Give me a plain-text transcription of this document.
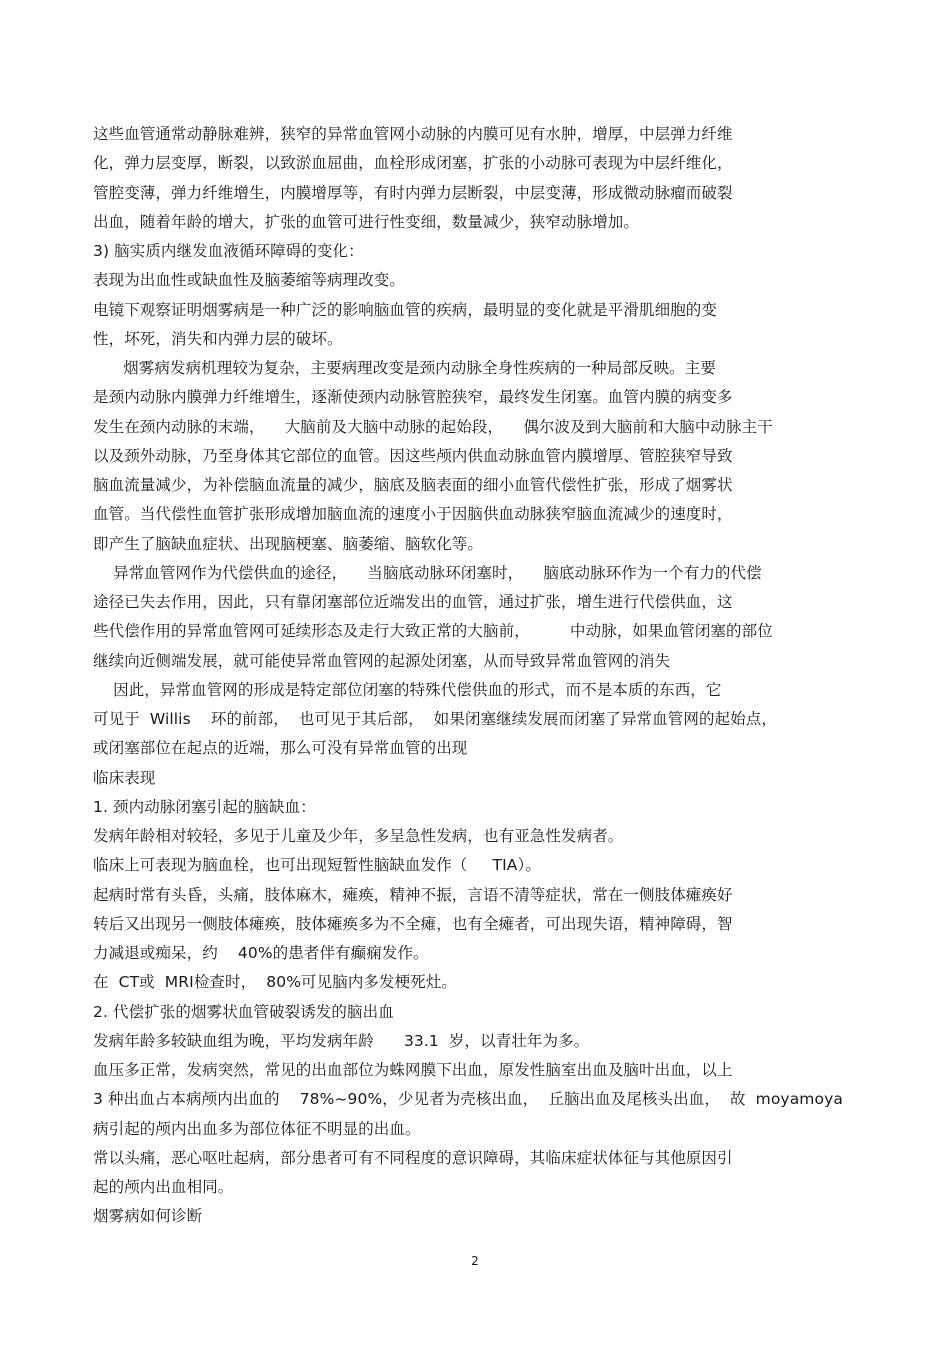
这些血管通常动静脉难辨，狭窄的异常血管网小动脉的内膜可见有水肿，增厚，中层弹力纤维
化，弹力层变厚，断裂，以致淤血屈曲，血栓形成闭塞，扩张的小动脉可表现为中层纤维化，
管腔变薄，弹力纤维增生，内膜增厚等，有时内弹力层断裂，中层变薄，形成微动脉瘤而破裂
出血，随着年龄的增大，扩张的血管可进行性变细，数量减少，狭窄动脉增加。
3) 脑实质内继发血液循环障碍的变化：
表现为出血性或缺血性及脑萎缩等病理改变。
电镜下观察证明烟雾病是一种广泛的影响脑血管的疾病，最明显的变化就是平滑肌细胞的变
性，坏死，消失和内弹力层的破坏。
烟雾病发病机理较为复杂，主要病理改变是颈内动脉全身性疾病的一种局部反映。主要
是颈内动脉内膜弹力纤维增生，逐渐使颈内动脉管腔狭窄，最终发生闭塞。血管内膜的病变多
发生在颈内动脉的末端，    大脑前及大脑中动脉的起始段，    偶尔波及到大脑前和大脑中动脉主干
以及颈外动脉，乃至身体其它部位的血管。因这些颅内供血动脉血管内膜增厚、管腔狭窄导致
脑血流量减少，为补偿脑血流量的减少，脑底及脑表面的细小血管代偿性扩张，形成了烟雾状
血管。当代偿性血管扩张形成增加脑血流的速度小于因脑供血动脉狭窄脑血流减少的速度时，
即产生了脑缺血症状、出现脑梗塞、脑萎缩、脑软化等。
异常血管网作为代偿供血的途径，    当脑底动脉环闭塞时，    脑底动脉环作为一个有力的代偿
途径已失去作用，因此，只有靠闭塞部位近端发出的血管，通过扩张，增生进行代偿供血，这
些代偿作用的异常血管网可延续形态及走行大致正常的大脑前，        中动脉，如果血管闭塞的部位
继续向近侧端发展，就可能使异常血管网的起源处闭塞，从而导致异常血管网的消失
因此，异常血管网的形成是特定部位闭塞的特殊代偿供血的形式，而不是本质的东西，它
可见于  Willis    环的前部，  也可见于其后部，  如果闭塞继续发展而闭塞了异常血管网的起始点，
或闭塞部位在起点的近端，那么可没有异常血管的出现
临床表现
1. 颈内动脉闭塞引起的脑缺血：
发病年龄相对较轻，多见于儿童及少年，多呈急性发病，也有亚急性发病者。
临床上可表现为脑血栓，也可出现短暂性脑缺血发作（     TIA）。
起病时常有头昏，头痛，肢体麻木，瘫痪，精神不振，言语不清等症状，常在一侧肢体瘫痪好
转后又出现另一侧肢体瘫痪，肢体瘫痪多为不全瘫，也有全瘫者，可出现失语，精神障碍，智
力减退或痴呆，约    40%的患者伴有癫痫发作。
在  CT或  MRI检查时，  80%可见脑内多发梗死灶。
2. 代偿扩张的烟雾状血管破裂诱发的脑出血
发病年龄多较缺血组为晚，平均发病年龄      33.1  岁，以青壮年为多。
血压多正常，发病突然，常见的出血部位为蛛网膜下出血，原发性脑室出血及脑叶出血，以上
3 种出血占本病颅内出血的    78%~90%，少见者为壳核出血，  丘脑出血及尾核头出血，  故  moyamoya
病引起的颅内出血多为部位体征不明显的出血。
常以头痛，恶心呕吐起病，部分患者可有不同程度的意识障碍，其临床症状体征与其他原因引
起的颅内出血相同。
烟雾病如何诊断
2
